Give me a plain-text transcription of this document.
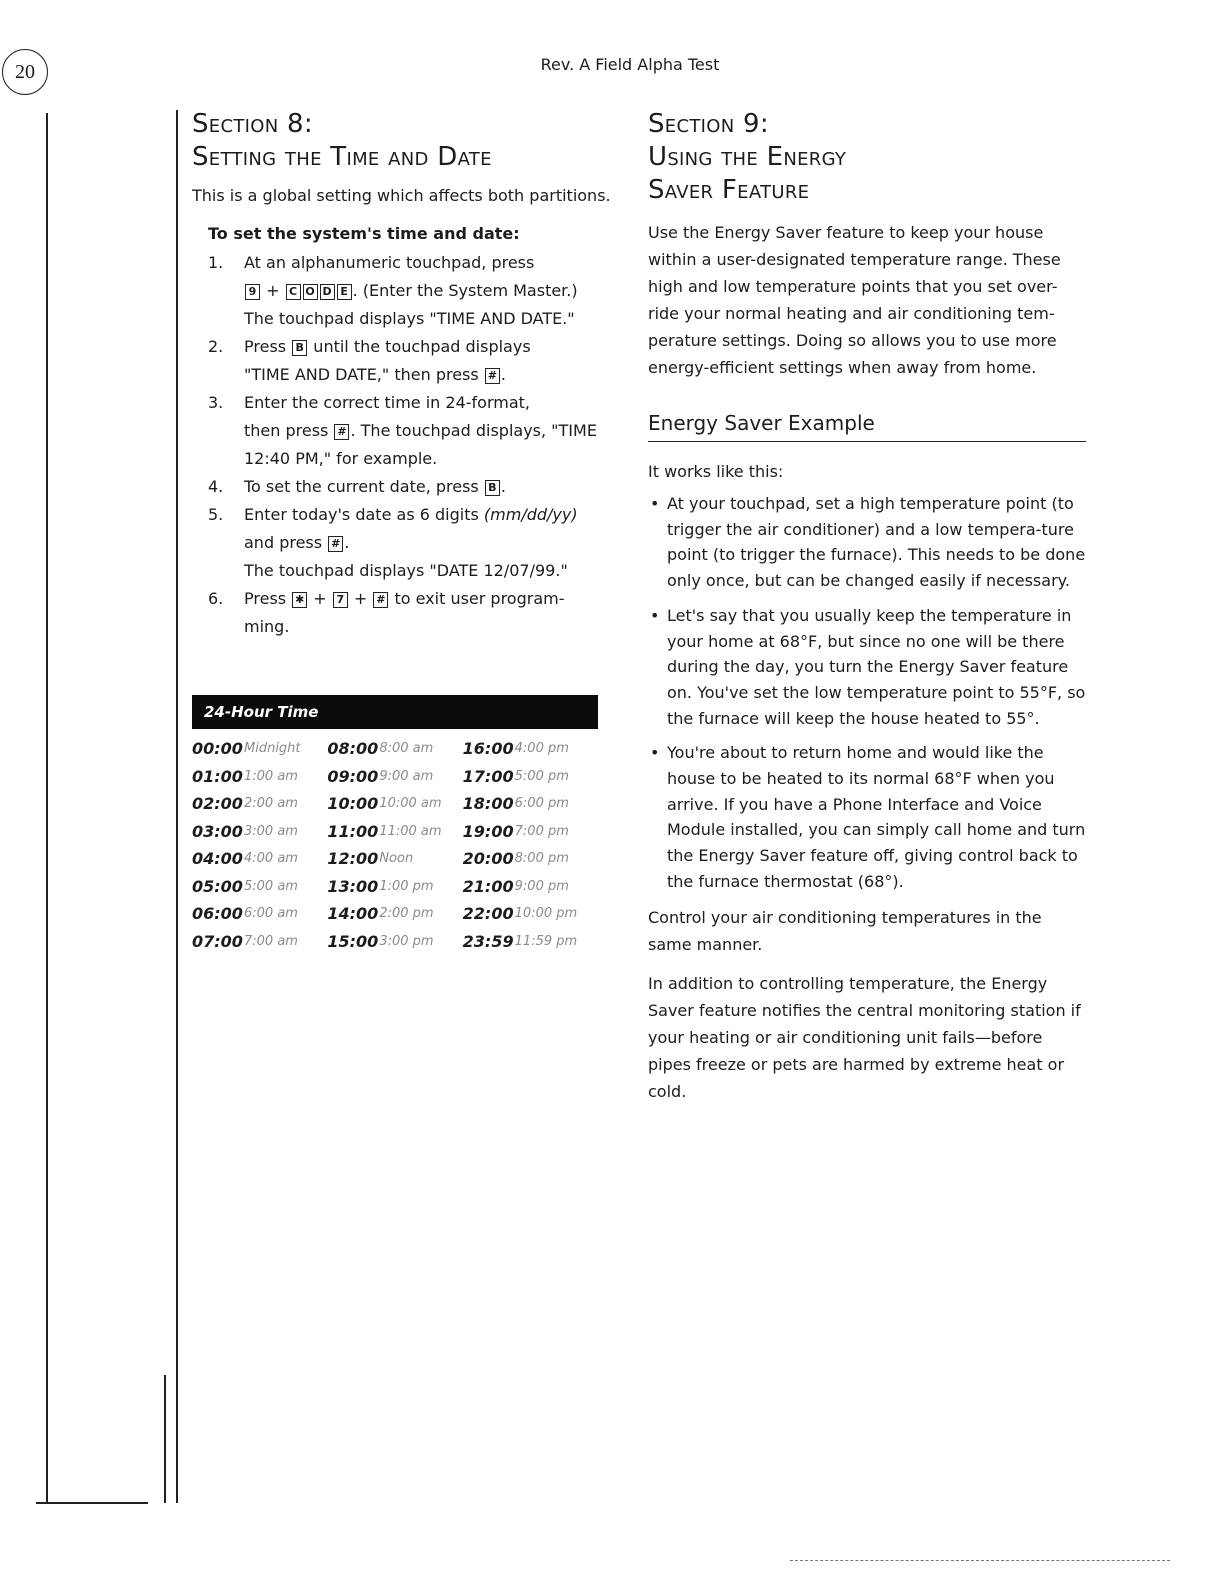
20	Rev. A Field Alpha Test
Section 8:
Setting the Time and Date

This is a global setting which affects both partitions.

To set the system's time and date:
1.	At an alphanumeric touchpad, press
9 + C O D E . (Enter the System Master.)
The touchpad displays "TIME AND DATE."
2.	Press B until the touchpad displays
"TIME AND DATE," then press # .
3.	Enter the correct time in 24-format,
then press # . The touchpad displays, "TIME
12:40 PM," for example.
4.	To set the current date, press B .
5.	Enter today's date as 6 digits (mm/dd/yy)
and press # .
The touchpad displays "DATE 12/07/99."
6.	Press ✱ + 7 + # to exit user program-
ming.
24-Hour Time
00:00 Midnight 08:00 8:00 am 16:00 4:00 pm
01:00 1:00 am 09:00 9:00 am 17:00 5:00 pm
02:00 2:00 am 10:00 10:00 am 18:00 6:00 pm
03:00 3:00 am 11:00 11:00 am 19:00 7:00 pm
04:00 4:00 am 12:00 Noon	20:00 8:00 pm
05:00 5:00 am 13:00 1:00 pm 21:00 9:00 pm
06:00 6:00 am 14:00 2:00 pm 22:00 10:00 pm
07:00 7:00 am 15:00 3:00 pm 23:59 11:59 pm
Section 9:
Using the Energy
Saver Feature

Use the Energy Saver feature to keep your house within a user-designated temperature range. These high and low temperature points that you set over-ride your normal heating and air conditioning tem-perature settings. Doing so allows you to use more energy-efficient settings when away from home.

Energy Saver Example

It works like this:

• At your touchpad, set a high temperature point (to trigger the air conditioner) and a low tempera-ture point (to trigger the furnace). This needs to be done only once, but can be changed easily if necessary.
• Let's say that you usually keep the temperature in your home at 68°F, but since no one will be there during the day, you turn the Energy Saver feature on. You've set the low temperature point to 55°F, so the furnace will keep the house heated to 55°.
• You're about to return home and would like the house to be heated to its normal 68°F when you arrive. If you have a Phone Interface and Voice Module installed, you can simply call home and turn the Energy Saver feature off, giving control back to the furnace thermostat (68°).

Control your air conditioning temperatures in the same manner.

In addition to controlling temperature, the Energy Saver feature notifies the central monitoring station if your heating or air conditioning unit fails—before pipes freeze or pets are harmed by extreme heat or cold.
